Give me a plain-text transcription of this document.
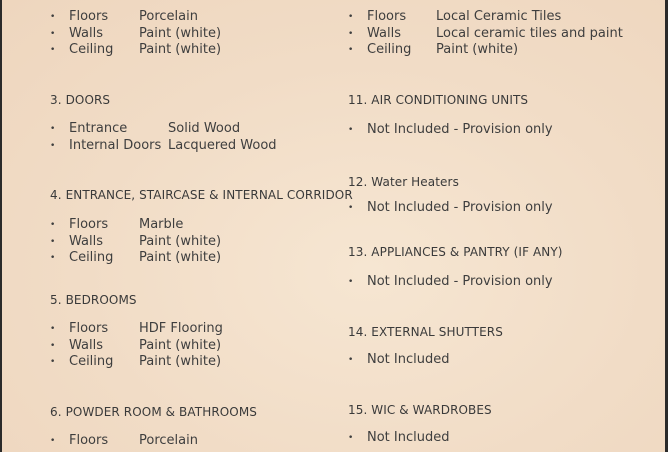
• Floors Porcelain
• Walls	Paint (white)
• Ceiling Paint (white)
3. DOORS
• Entrance	Solid Wood
• Internal Doors Lacquered Wood
4. ENTRANCE, STAIRCASE & INTERNAL CORRIDOR
• Floors Marble
• Walls	Paint (white)
• Ceiling Paint (white)
5. BEDROOMS
• Floors HDF Flooring
• Walls	Paint (white)
• Ceiling Paint (white)
6. POWDER ROOM & BATHROOMS
• Floors Porcelain
• Floors Local Ceramic Tiles
• Walls	Local ceramic tiles and paint
• Ceiling Paint (white)
11. AIR CONDITIONING UNITS
• Not Included - Provision only
12. Water Heaters
• Not Included - Provision only
13. APPLIANCES & PANTRY (IF ANY)
• Not Included - Provision only
14. EXTERNAL SHUTTERS
• Not Included
15. WIC & WARDROBES
• Not Included
